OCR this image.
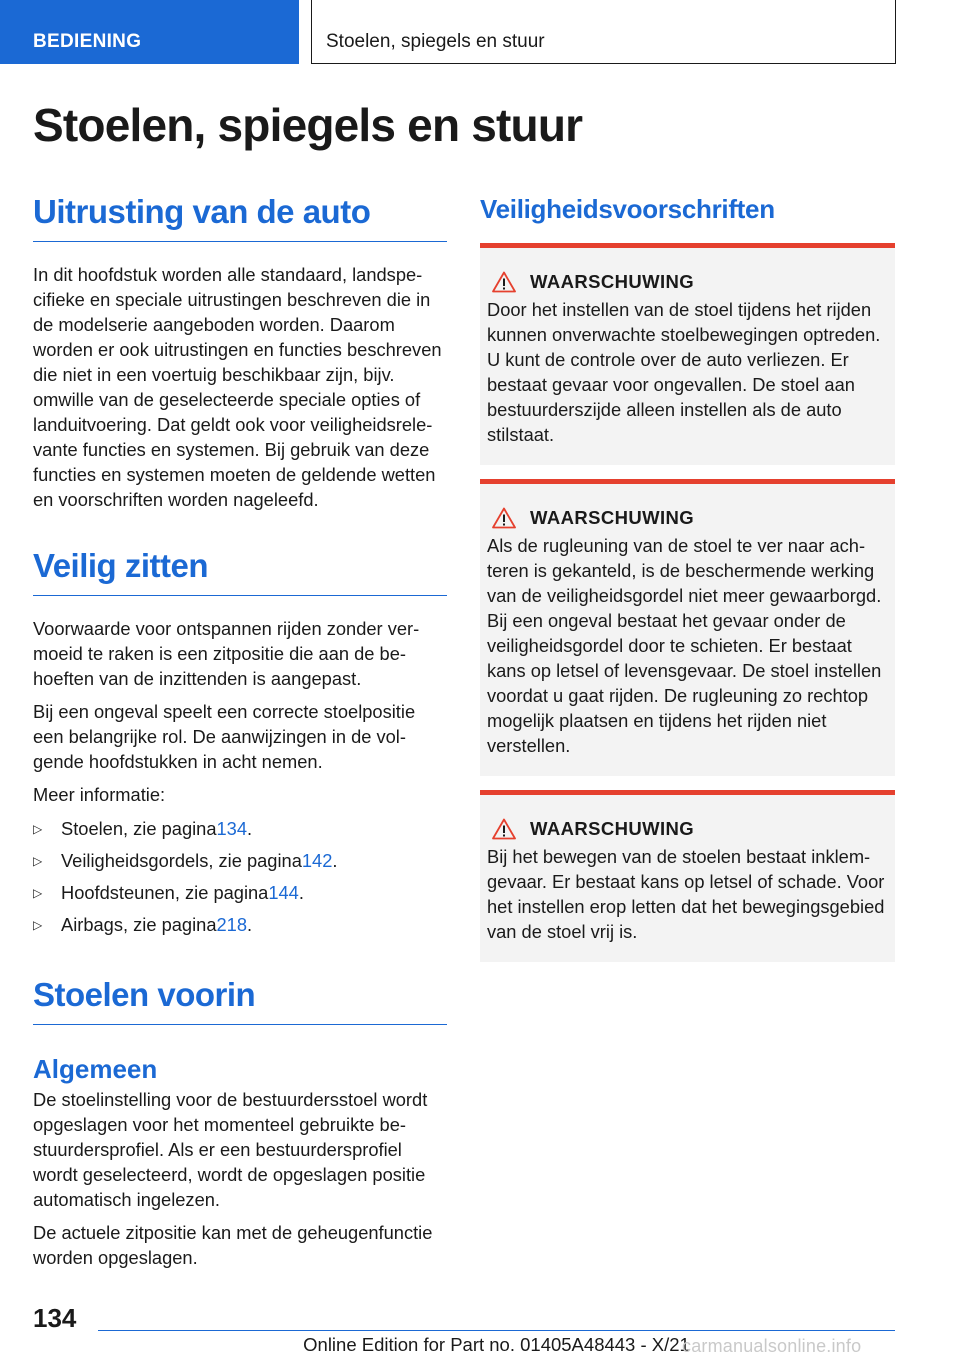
BEDIENING	Stoelen, spiegels en stuur
Stoelen, spiegels en stuur
Uitrusting van de auto

In dit hoofdstuk worden alle standaard, landspecifieke en speciale uitrustingen beschreven die in de modelserie aangeboden worden. Daarom worden er ook uitrustingen en functies beschreven die niet in een voertuig beschikbaar zijn, bijv. omwille van de geselecteerde speciale opties of landuitvoering. Dat geldt ook voor veiligheidsrelevante functies en systemen. Bij gebruik van deze functies en systemen moeten de geldende wetten en voorschriften worden nageleefd.

Veilig zitten

Voorwaarde voor ontspannen rijden zonder vermoeid te raken is een zitpositie die aan de behoeften van de inzittenden is aangepast.

Bij een ongeval speelt een correcte stoelpositie een belangrijke rol. De aanwijzingen in de volgende hoofdstukken in acht nemen.

Meer informatie:

▷	Stoelen, zie pagina 134 .
▷	Veiligheidsgordels, zie pagina 142 .
▷	Hoofdsteunen, zie pagina 144 .
▷	Airbags, zie pagina 218 .
Stoelen voorin
Algemeen

De stoelinstelling voor de bestuurdersstoel wordt opgeslagen voor het momenteel gebruikte bestuurdersprofiel. Als er een bestuurdersprofiel wordt geselecteerd, wordt de opgeslagen positie automatisch ingelezen.

De actuele zitpositie kan met de geheugenfunctie worden opgeslagen.

Veiligheidsvoorschriften
WAARSCHUWING

Door het instellen van de stoel tijdens het rijden kunnen onverwachte stoelbewegingen optreden. U kunt de controle over de auto verliezen. Er bestaat gevaar voor ongevallen. De stoel aan bestuurderszijde alleen instellen als de auto stilstaat.

WAARSCHUWING

Als de rugleuning van de stoel te ver naar achteren is gekanteld, is de beschermende werking van de veiligheidsgordel niet meer gewaarborgd. Bij een ongeval bestaat het gevaar onder de veiligheidsgordel door te schieten. Er bestaat kans op letsel of levensgevaar. De stoel instellen voordat u gaat rijden. De rugleuning zo rechtop mogelijk plaatsen en tijdens het rijden niet verstellen.

WAARSCHUWING

Bij het bewegen van de stoelen bestaat inklemgevaar. Er bestaat kans op letsel of schade. Voor het instellen erop letten dat het bewegingsgebied van de stoel vrij is.

134
Online Edition for Part no. 01405A48443 - X/21
carmanualsonline.info
